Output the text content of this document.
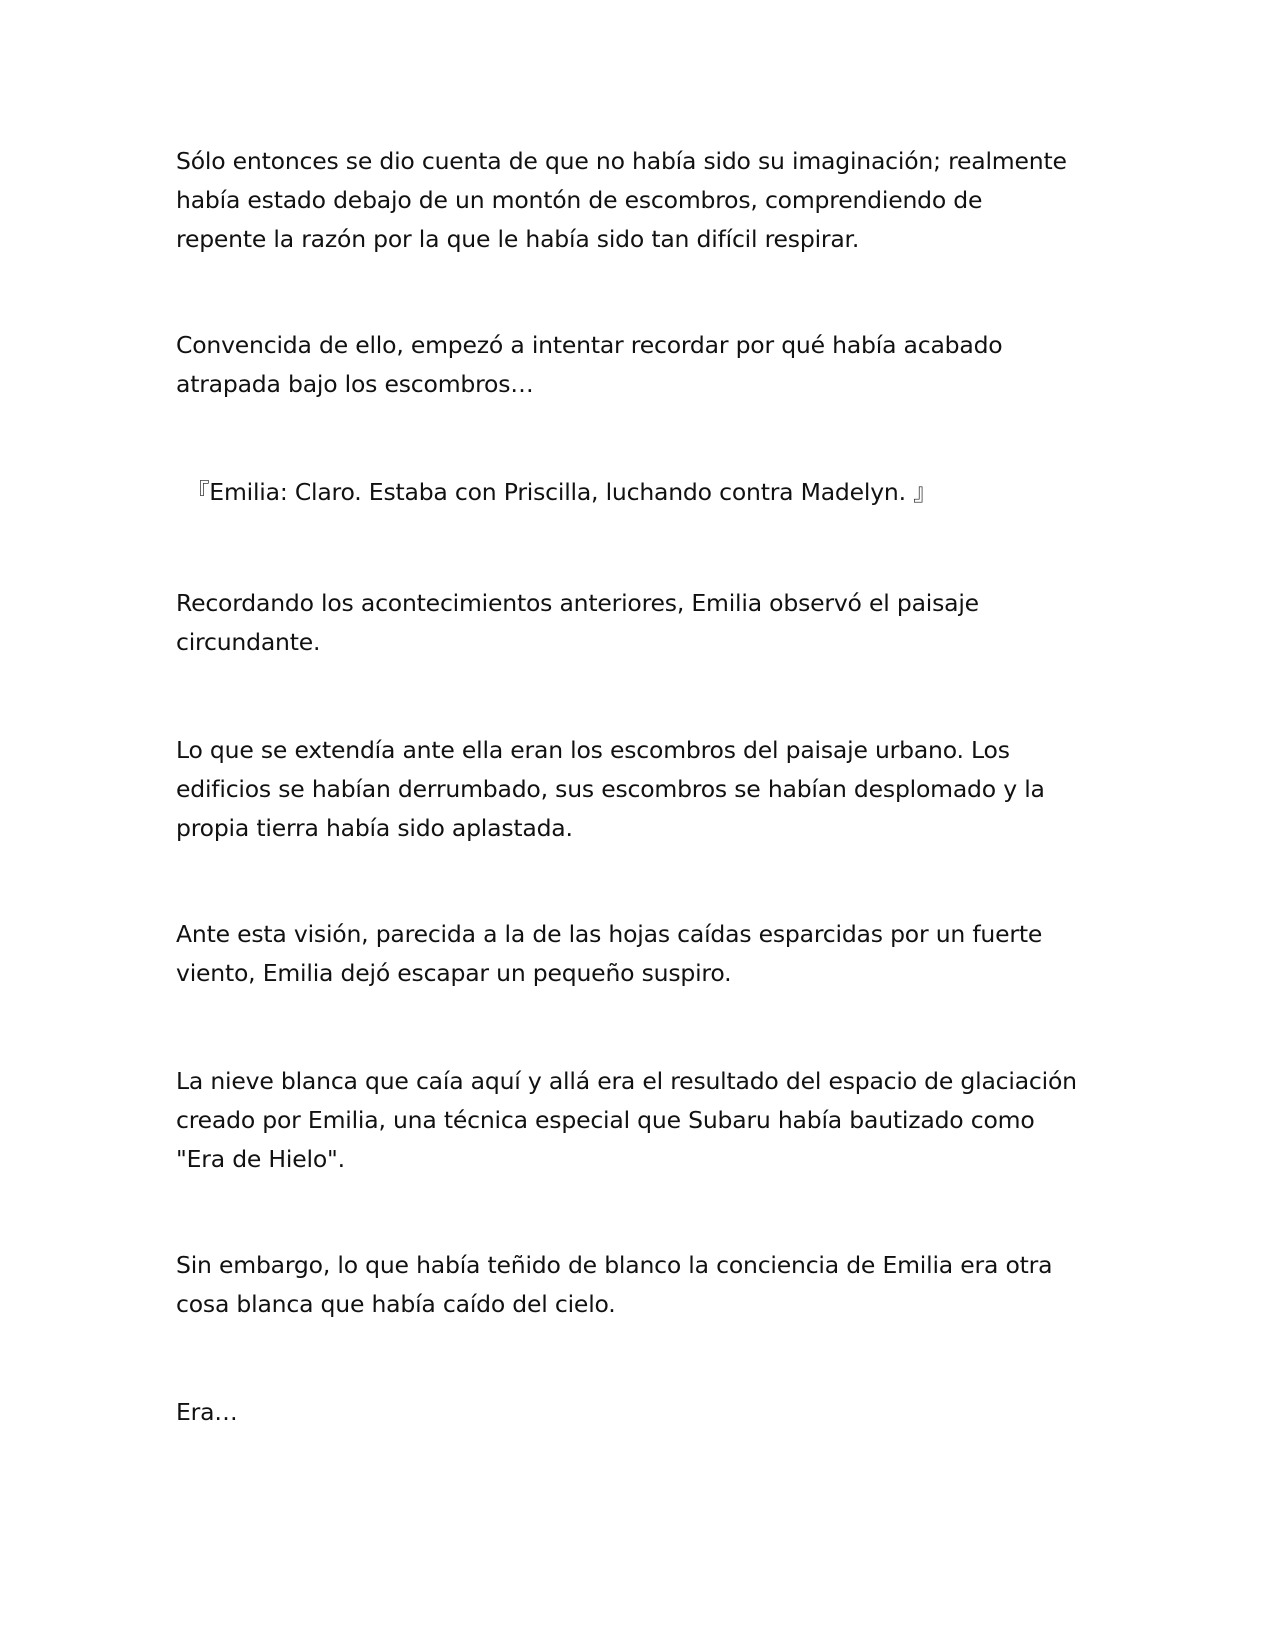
Sólo entonces se dio cuenta de que no había sido su imaginación; realmente
había estado debajo de un montón de escombros, comprendiendo de
repente la razón por la que le había sido tan difícil respirar.

Convencida de ello, empezó a intentar recordar por qué había acabado
atrapada bajo los escombros…

『Emilia: Claro. Estaba con Priscilla, luchando contra Madelyn. 』

Recordando los acontecimientos anteriores, Emilia observó el paisaje
circundante.

Lo que se extendía ante ella eran los escombros del paisaje urbano. Los
edificios se habían derrumbado, sus escombros se habían desplomado y la
propia tierra había sido aplastada.

Ante esta visión, parecida a la de las hojas caídas esparcidas por un fuerte
viento, Emilia dejó escapar un pequeño suspiro.

La nieve blanca que caía aquí y allá era el resultado del espacio de glaciación
creado por Emilia, una técnica especial que Subaru había bautizado como
"Era de Hielo".

Sin embargo, lo que había teñido de blanco la conciencia de Emilia era otra
cosa blanca que había caído del cielo.

Era…
